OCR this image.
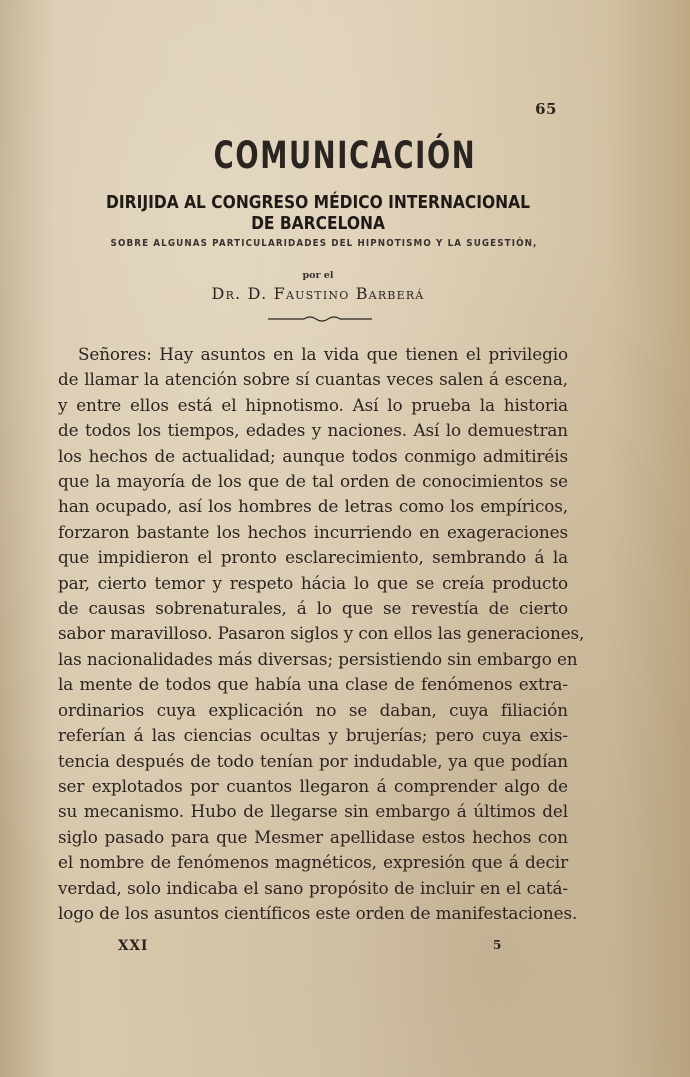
65
COMUNICACIÓN
DIRIJIDA AL CONGRESO MÉDICO INTERNACIONAL DE BARCELONA
SOBRE ALGUNAS PARTICULARIDADES DEL HIPNOTISMO Y LA SUGESTIÓN,
por el
Dr. D. Faustino Barberá
Señores: Hay asuntos en la vida que tienen el privilegio
de llamar la atención sobre sí cuantas veces salen á escena,
y entre ellos está el hipnotismo. Así lo prueba la historia
de todos los tiempos, edades y naciones. Así lo demuestran
los hechos de actualidad; aunque todos conmigo admitiréis
que la mayoría de los que de tal orden de conocimientos se
han ocupado, así los hombres de letras como los empíricos,
forzaron bastante los hechos incurriendo en exageraciones
que impidieron el pronto esclarecimiento, sembrando á la
par, cierto temor y respeto hácia lo que se creía producto
de causas sobrenaturales, á lo que se revestía de cierto
sabor maravilloso. Pasaron siglos y con ellos las generaciones,
las nacionalidades más diversas; persistiendo sin embargo en
la mente de todos que había una clase de fenómenos extra-
ordinarios cuya explicación no se daban, cuya filiación
referían á las ciencias ocultas y brujerías; pero cuya exis-
tencia después de todo tenían por indudable, ya que podían
ser explotados por cuantos llegaron á comprender algo de
su mecanismo. Hubo de llegarse sin embargo á últimos del
siglo pasado para que Mesmer apellidase estos hechos con
el nombre de fenómenos magnéticos, expresión que á decir
verdad, solo indicaba el sano propósito de incluir en el catá-
logo de los asuntos científicos este orden de manifestaciones.
XXI	5
